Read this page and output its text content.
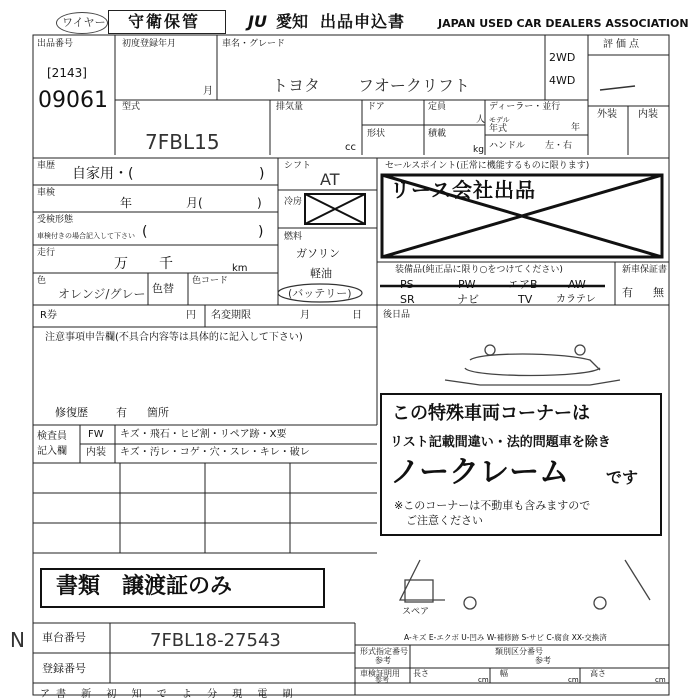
ワイヤー 守衛保管	JU 愛知 出品申込書	JAPAN USED CAR DEALERS ASSOCIATION
出品番号
[2143]
09061
初度登録年月
月
車名・グレード
トヨタ フオークリフト
2WD
4WD
評価点
外装 内装
型式
7FBL15
排気量
cc
ドア
形状
定員
人
積載
kg
ディーラー・並行
モデル
年式	年
ハンドル 左・右
車歴 自家用・(	)
車検
年	月(	)
受検形態
車検付きの場合記入して下さい (	)
走行
万 千	km
色
オレンジ/グレー 色替
色コード
シフト
AT
冷房
燃料
ガソリン
軽油
(バッテリー)
セールスポイント(正常に機能するものに限ります)
リース会社出品
装備品(純正品に限り○をつけてください)
PS	PW	エアB	AW
SR	ナビ	TV カラテレ
新車保証書
有 無
R券	円 名変期限	月	日 後日品
注意事項申告欄(不具合内容等は具体的に記入して下さい)
修復歴	有 箇所
検査員
記入欄
FW キズ・飛石・ヒビ割・リペア跡・X要
内装 キズ・汚レ・コゲ・穴・スレ・キレ・破レ
この特殊車両コーナーは
リスト記載間違い・法的問題車を除き
ノークレーム です
※このコーナーは不動車も含みますので
ご注意ください
書類　譲渡証のみ
スペア
N 車台番号	7FBL18-27543
登録番号
ア書 新 初 知 で よ 分 現 電 刷
A-キズ E-エクボ U-凹み W-補修跡 S-サビ C-腐食 XX-交換済
形式指定番号
参考
類別区分番号
参考
車検証明用
参考
長さ
cm
幅
cm
高さ
cm
